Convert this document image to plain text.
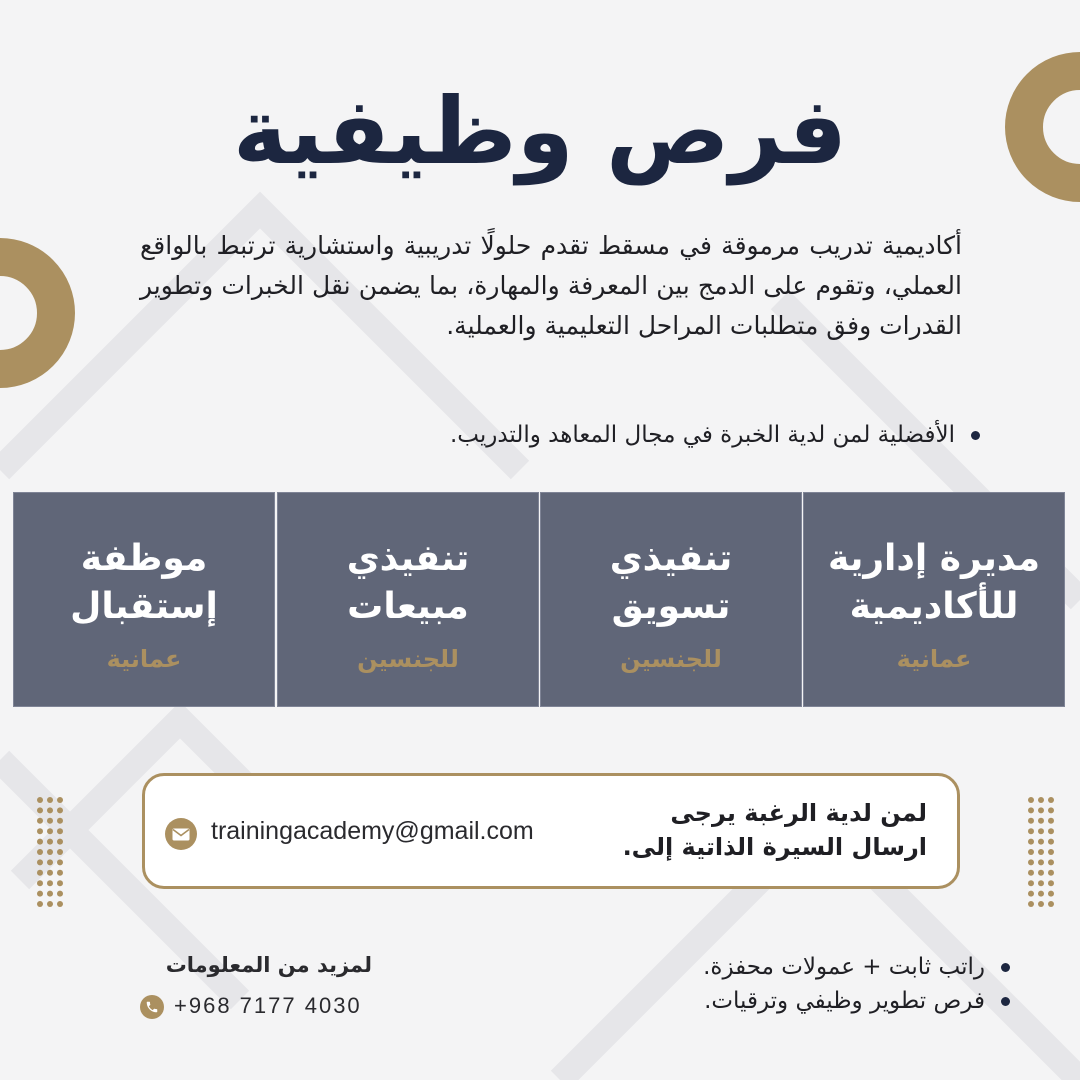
فرص وظيفية
أكاديمية تدريب مرموقة في مسقط تقدم حلولًا تدريبية واستشارية ترتبط بالواقع العملي، وتقوم على الدمج بين المعرفة والمهارة، بما يضمن نقل الخبرات وتطوير القدرات وفق متطلبات المراحل التعليمية والعملية.
الأفضلية لمن لدية الخبرة في مجال المعاهد والتدريب.
مديرة إدارية
للأكاديمية
عمانية
تنفيذي
تسويق
للجنسين
تنفيذي
مبيعات
للجنسين
موظفة
إستقبال
عمانية
لمن لدية الرغبة يرجى
ارسال السيرة الذاتية إلى.
trainingacademy@gmail.com
لمزيد من المعلومات
+968 7177 4030
راتب ثابت + عمولات محفزة.
فرص تطوير وظيفي وترقيات.
